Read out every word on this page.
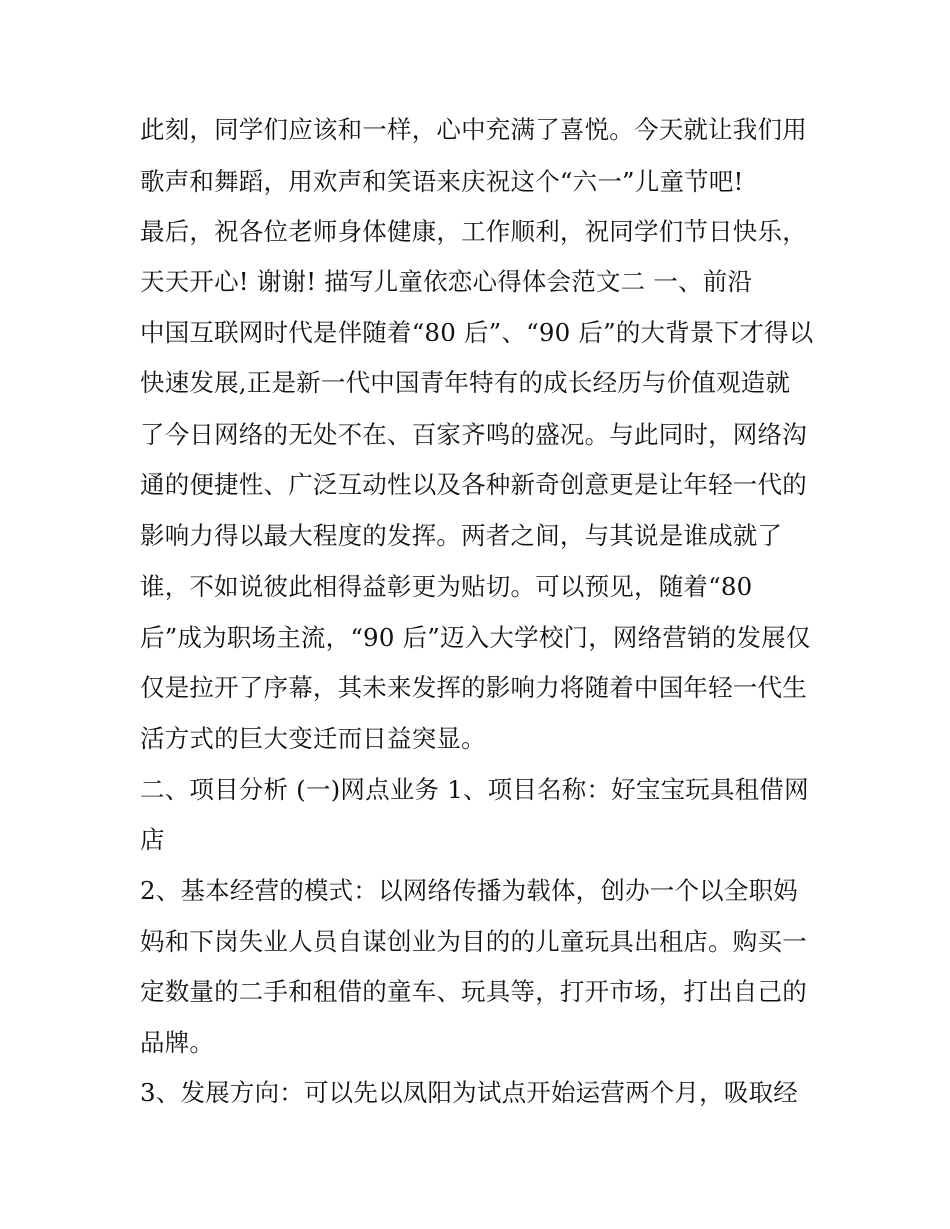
此刻，同学们应该和一样，心中充满了喜悦。今天就让我们用
歌声和舞蹈，用欢声和笑语来庆祝这个“六一”儿童节吧!
最后，祝各位老师身体健康，工作顺利，祝同学们节日快乐，
天天开心! 谢谢! 描写儿童依恋心得体会范文二 一、前沿
中国互联网时代是伴随着“80 后”、“90 后”的大背景下才得以
快速发展,正是新一代中国青年特有的成长经历与价值观造就
了今日网络的无处不在、百家齐鸣的盛况。与此同时，网络沟
通的便捷性、广泛互动性以及各种新奇创意更是让年轻一代的
影响力得以最大程度的发挥。两者之间，与其说是谁成就了
谁，不如说彼此相得益彰更为贴切。可以预见，随着“80
后”成为职场主流，“90 后”迈入大学校门，网络营销的发展仅
仅是拉开了序幕，其未来发挥的影响力将随着中国年轻一代生
活方式的巨大变迁而日益突显。
二、项目分析 (一)网点业务 1、项目名称：好宝宝玩具租借网
店
2、基本经营的模式：以网络传播为载体，创办一个以全职妈
妈和下岗失业人员自谋创业为目的的儿童玩具出租店。购买一
定数量的二手和租借的童车、玩具等，打开市场，打出自己的
品牌。
3、发展方向：可以先以凤阳为试点开始运营两个月，吸取经
